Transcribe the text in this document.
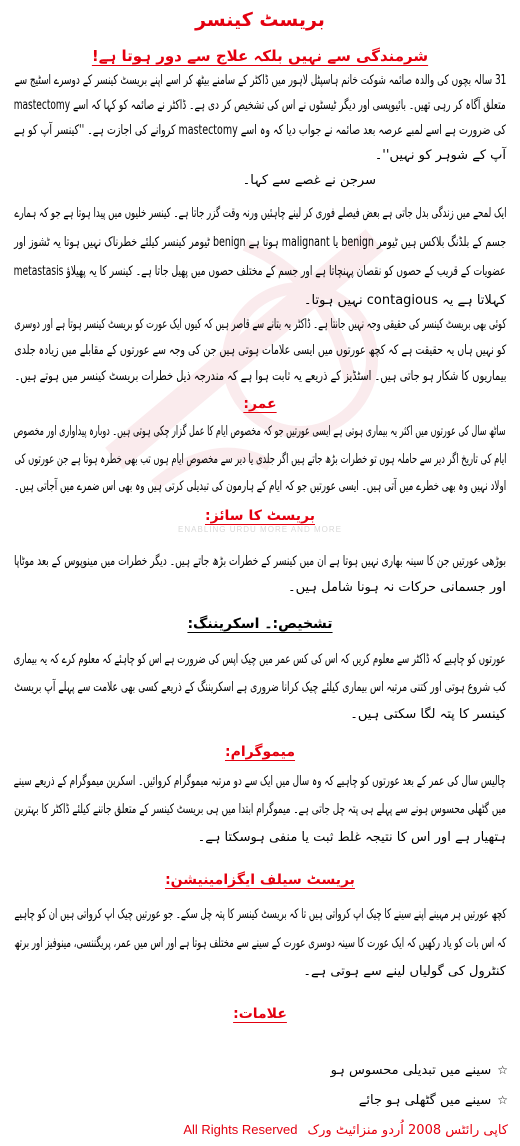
ENABLING URDU MORE AND MORE
بریسٹ کینسر
شرمندگی سے نہیں بلکہ علاج سے دور ہوتا ہے!
31 سالہ بچوں کی والدہ صائمہ شوکت خانم ہاسپٹل لاہور میں ڈاکٹر کے سامنے بیٹھ کر اسے اپنے بریسٹ کینسر کے دوسرے اسٹیج سے
متعلق آگاہ کر رہی تھیں۔ بائیوپسی اور دیگر ٹیسٹوں نے اس کی تشخیص کر دی ہے۔ ڈاکٹر نے صائمہ کو کہا کہ اسے mastectomy
کی ضرورت ہے اسے لمبے عرصہ بعد صائمہ نے جواب دیا کہ وہ اسے mastectomy کروانے کی اجازت ہے۔ ''کینسر آپ کو ہے
آپ کے شوہر کو نہیں''۔
سرجن نے غصے سے کہا۔
ایک لمحے میں زندگی بدل جاتی ہے بعض فیصلے فوری کر لینے چاہئیں ورنہ وقت گزر جاتا ہے۔ کینسر خلیوں میں پیدا ہوتا ہے جو کہ ہمارے
جسم کے بلڈنگ بلاکس ہیں ٹیومر benign یا malignant ہوتا ہے benign ٹیومر کینسر کیلئے خطرناک نہیں ہوتا یہ ٹشوز اور
عضویات کے قریب کے حصوں کو نقصان پہنچاتا ہے اور جسم کے مختلف حصوں میں پھیل جاتا ہے۔ کینسر کا یہ پھیلاؤ metastasis
کہلاتا ہے یہ contagious نہیں ہوتا۔
کوئی بھی بریسٹ کینسر کی حقیقی وجہ نہیں جانتا ہے۔ ڈاکٹر یہ بتانے سے قاصر ہیں کہ کیوں ایک عورت کو بریسٹ کینسر ہوتا ہے اور دوسری
کو نہیں ہاں یہ حقیقت ہے کہ کچھ عورتوں میں ایسی علامات ہوتی ہیں جن کی وجہ سے عورتوں کے مقابلے میں زیادہ جلدی
بیماریوں کا شکار ہو جاتی ہیں۔ اسٹڈیز کے ذریعے یہ ثابت ہوا ہے کہ مندرجہ ذیل خطرات بریسٹ کینسر میں ہوتے ہیں۔
عمر:
ساٹھ سال کی عورتوں میں اکثر یہ بیماری ہوتی ہے ایسی عورتیں جو کہ مخصوص ایام کا عمل گزار چکی ہوتی ہیں۔ دوبارہ پیداواری اور مخصوص
ایام کی تاریخ اگر دیر سے حاملہ ہوں تو خطرات بڑھ جاتے ہیں اگر جلدی یا دیر سے مخصوص ایام ہوں تب بھی خطرہ ہوتا ہے جن عورتوں کی
اولاد نہیں وہ بھی خطرے میں آتی ہیں۔ ایسی عورتیں جو کہ ایام کے ہارمون کی تبدیلی کرتی ہیں وہ بھی اس ضمرے میں آجاتی ہیں۔
بریسٹ کا سائز:
بوڑھی عورتیں جن کا سینہ بھاری نہیں ہوتا ہے ان میں کینسر کے خطرات بڑھ جاتے ہیں۔ دیگر خطرات میں مینوپوس کے بعد موٹاپا
اور جسمانی حرکات نہ ہونا شامل ہیں۔
تشخیص:۔ اسکریننگ:
عورتوں کو چاہیے کہ ڈاکٹر سے معلوم کریں کہ اس کی کس عمر میں چیک اپس کی ضرورت ہے اس کو چاہئے کہ معلوم کرے کہ یہ بیماری
کب شروع ہوتی اور کتنی مرتبہ اس بیماری کیلئے چیک کرانا ضروری ہے اسکریننگ کے ذریعے کسی بھی علامت سے پہلے آپ بریسٹ
کینسر کا پتہ لگا سکتی ہیں۔
میموگرام:
چالیس سال کی عمر کے بعد عورتوں کو چاہیے کہ وہ سال میں ایک سے دو مرتبہ میموگرام کروائیں۔ اسکرین میموگرام کے ذریعے سینے
میں گٹھلی محسوس ہونے سے پہلے ہی پتہ چل جاتی ہے۔ میموگرام ابتدا میں ہی بریسٹ کینسر کے متعلق جاننے کیلئے ڈاکٹر کا بہترین
ہتھیار ہے اور اس کا نتیجہ غلط ثبت یا منفی ہوسکتا ہے۔
بریسٹ سیلف ایگزامینیشن:
کچھ عورتیں ہر مہینے اپنے سینے کا چیک اپ کرواتی ہیں تا کہ بریسٹ کینسر کا پتہ چل سکے۔ جو عورتیں چیک اپ کرواتی ہیں ان کو چاہیے
کہ اس بات کو یاد رکھیں کہ ایک عورت کا سینہ دوسری عورت کے سینے سے مختلف ہوتا ہے اور اس میں عمر، پریگننسی، مینوفیز اور برتھ
کنٹرول کی گولیاں لینے سے ہوتی ہے۔
علامات:
☆سینے میں تبدیلی محسوس ہو
☆سینے میں گٹھلی ہو جائے
کاپی رائٹس 2008 اُردو منزائیٹ ورکAll Rights Reserved
